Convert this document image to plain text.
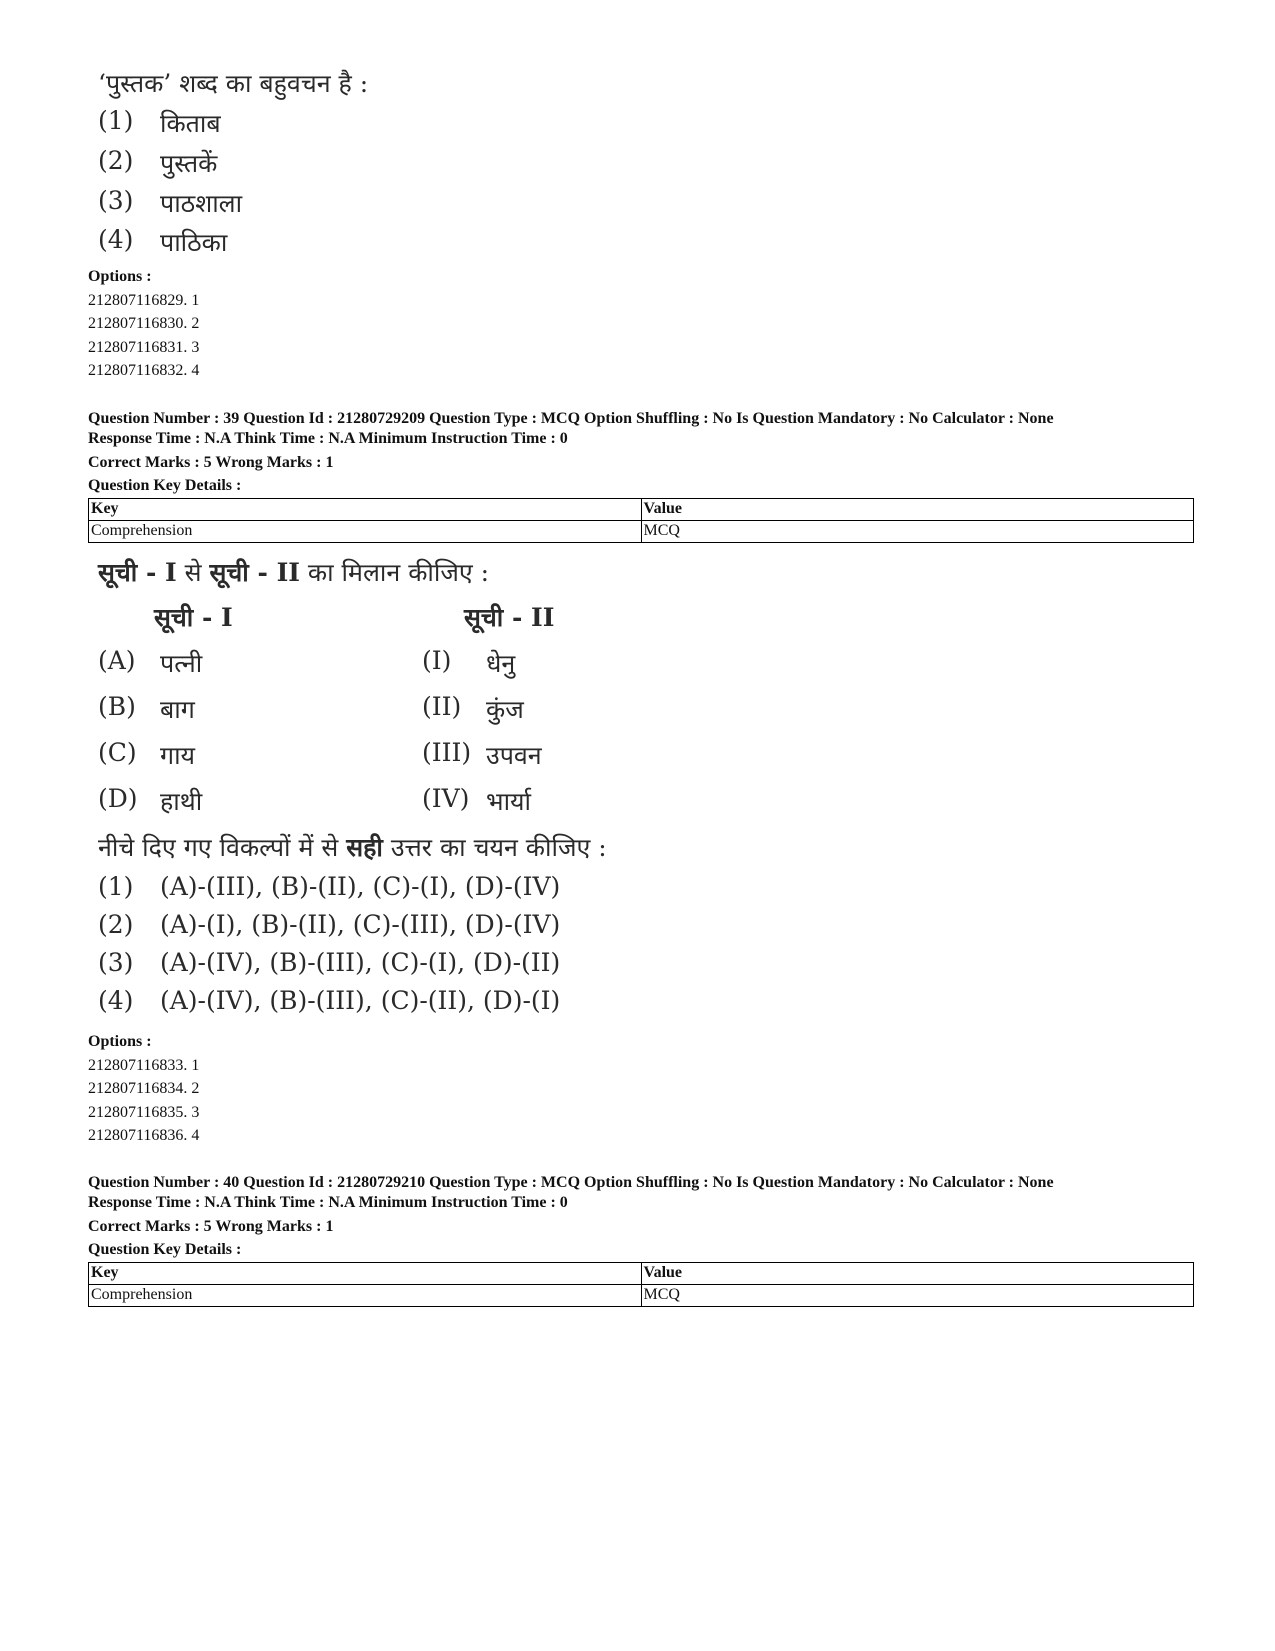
‘पुस्तक’ शब्द का बहुवचन है :
(1)	किताब
(2)	पुस्तकें
(3)	पाठशाला
(4)	पाठिका
Options :
212807116829. 1
212807116830. 2
212807116831. 3
212807116832. 4
Question Number : 39 Question Id : 21280729209 Question Type : MCQ Option Shuffling : No Is Question Mandatory : No Calculator : None
Response Time : N.A Think Time : N.A Minimum Instruction Time : 0
Correct Marks : 5 Wrong Marks : 1
Question Key Details :
Key	Value
Comprehension	MCQ
सूची - I से सूची - II का मिलान कीजिए :
सूची - I	सूची - II
(A) पत्नी	(I)	धेनु
(B) बाग	(II) कुंज
(C) गाय	(III) उपवन
(D) हाथी	(IV) भार्या
नीचे दिए गए विकल्पों में से सही उत्तर का चयन कीजिए :
(1)	(A)-(III), (B)-(II), (C)-(I), (D)-(IV)
(2)	(A)-(I), (B)-(II), (C)-(III), (D)-(IV)
(3)	(A)-(IV), (B)-(III), (C)-(I), (D)-(II)
(4)	(A)-(IV), (B)-(III), (C)-(II), (D)-(I)
Options :
212807116833. 1
212807116834. 2
212807116835. 3
212807116836. 4
Question Number : 40 Question Id : 21280729210 Question Type : MCQ Option Shuffling : No Is Question Mandatory : No Calculator : None
Response Time : N.A Think Time : N.A Minimum Instruction Time : 0
Correct Marks : 5 Wrong Marks : 1
Question Key Details :
Key	Value
Comprehension	MCQ
